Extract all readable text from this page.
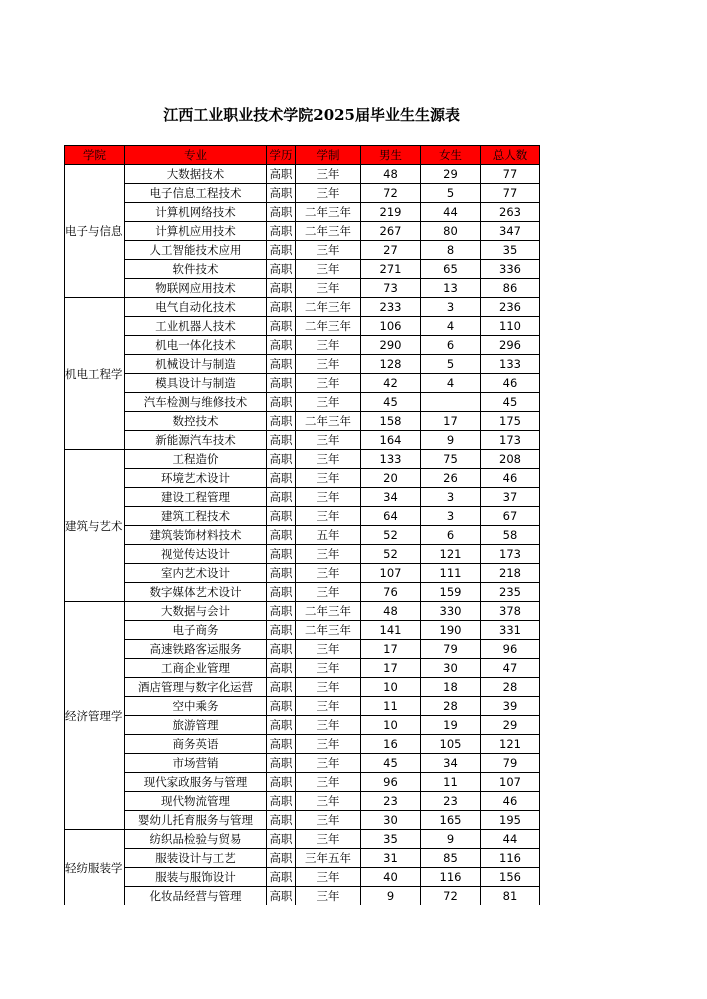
江西工业职业技术学院2025届毕业生生源表
学院	专业	学历	学制	男生	女生	总人数
电子与信息	大数据技术	高职	三年	48	29	77
	电子信息工程技术	高职	三年	72	5	77
	计算机网络技术	高职	二年三年	219	44	263
	计算机应用技术	高职	二年三年	267	80	347
	人工智能技术应用	高职	三年	27	8	35
	软件技术	高职	三年	271	65	336
	物联网应用技术	高职	三年	73	13	86
机电工程学	电气自动化技术	高职	二年三年	233	3	236
	工业机器人技术	高职	二年三年	106	4	110
	机电一体化技术	高职	三年	290	6	296
	机械设计与制造	高职	三年	128	5	133
	模具设计与制造	高职	三年	42	4	46
	汽车检测与维修技术	高职	三年	45		45
	数控技术	高职	二年三年	158	17	175
	新能源汽车技术	高职	三年	164	9	173
建筑与艺术	工程造价	高职	三年	133	75	208
	环境艺术设计	高职	三年	20	26	46
	建设工程管理	高职	三年	34	3	37
	建筑工程技术	高职	三年	64	3	67
	建筑装饰材料技术	高职	五年	52	6	58
	视觉传达设计	高职	三年	52	121	173
	室内艺术设计	高职	三年	107	111	218
	数字媒体艺术设计	高职	三年	76	159	235
经济管理学	大数据与会计	高职	二年三年	48	330	378
	电子商务	高职	二年三年	141	190	331
	高速铁路客运服务	高职	三年	17	79	96
	工商企业管理	高职	三年	17	30	47
	酒店管理与数字化运营	高职	三年	10	18	28
	空中乘务	高职	三年	11	28	39
	旅游管理	高职	三年	10	19	29
	商务英语	高职	三年	16	105	121
	市场营销	高职	三年	45	34	79
	现代家政服务与管理	高职	三年	96	11	107
	现代物流管理	高职	三年	23	23	46
	婴幼儿托育服务与管理	高职	三年	30	165	195
轻纺服装学	纺织品检验与贸易	高职	三年	35	9	44
	服装设计与工艺	高职	三年五年	31	85	116
	服装与服饰设计	高职	三年	40	116	156
	化妆品经营与管理	高职	三年	9	72	81
